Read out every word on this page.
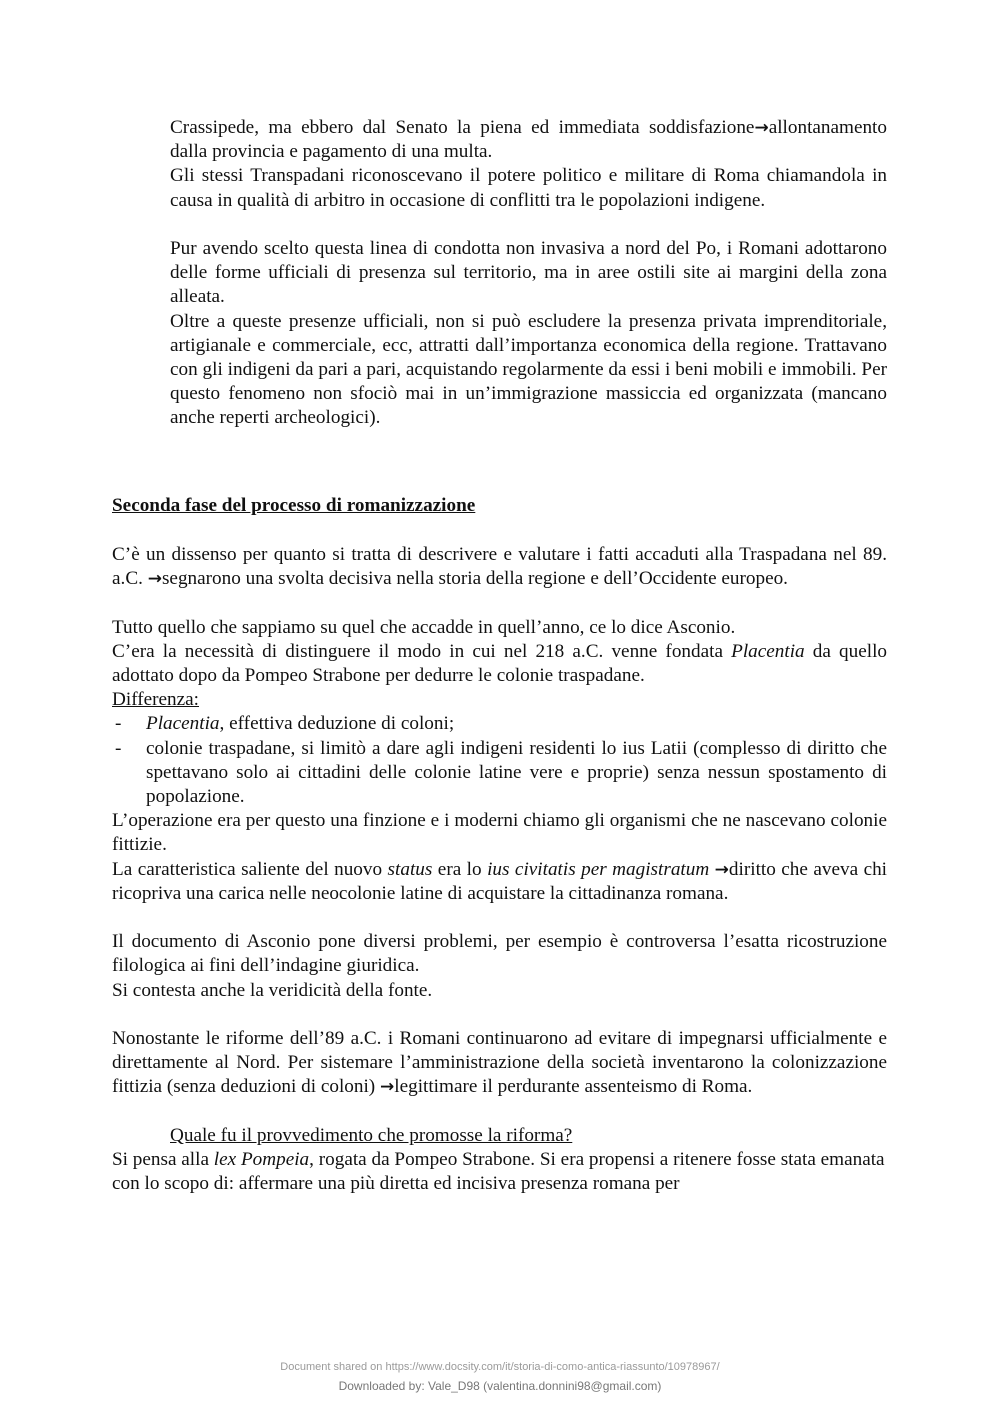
Crassipede, ma ebbero dal Senato la piena ed immediata soddisfazione→allontanamento dalla provincia e pagamento di una multa.

Gli stessi Transpadani riconoscevano il potere politico e militare di Roma chiamandola in causa in qualità di arbitro in occasione di conflitti tra le popolazioni indigene.

Pur avendo scelto questa linea di condotta non invasiva a nord del Po, i Romani adottarono delle forme ufficiali di presenza sul territorio, ma in aree ostili site ai margini della zona alleata.

Oltre a queste presenze ufficiali, non si può escludere la presenza privata imprenditoriale, artigianale e commerciale, ecc, attratti dall’importanza economica della regione. Trattavano con gli indigeni da pari a pari, acquistando regolarmente da essi i beni mobili e immobili. Per questo fenomeno non sfociò mai in un’immigrazione massiccia ed organizzata (mancano anche reperti archeologici).

Seconda fase del processo di romanizzazione

C’è un dissenso per quanto si tratta di descrivere e valutare i fatti accaduti alla Traspadana nel 89. a.C. →segnarono una svolta decisiva nella storia della regione e dell’Occidente europeo.

Tutto quello che sappiamo su quel che accadde in quell’anno, ce lo dice Asconio.

C’era la necessità di distinguere il modo in cui nel 218 a.C. venne fondata Placentia da quello adottato dopo da Pompeo Strabone per dedurre le colonie traspadane.

Differenza:

- Placentia, effettiva deduzione di coloni;
- colonie traspadane, si limitò a dare agli indigeni residenti lo ius Latii (complesso di diritto che spettavano solo ai cittadini delle colonie latine vere e proprie) senza nessun spostamento di popolazione.

L’operazione era per questo una finzione e i moderni chiamo gli organismi che ne nascevano colonie fittizie.

La caratteristica saliente del nuovo status era lo ius civitatis per magistratum →diritto che aveva chi ricopriva una carica nelle neocolonie latine di acquistare la cittadinanza romana.

Il documento di Asconio pone diversi problemi, per esempio è controversa l’esatta ricostruzione filologica ai fini dell’indagine giuridica.

Si contesta anche la veridicità della fonte.

Nonostante le riforme dell’89 a.C. i Romani continuarono ad evitare di impegnarsi ufficialmente e direttamente al Nord. Per sistemare l’amministrazione della società inventarono la colonizzazione fittizia (senza deduzioni di coloni) →legittimare il perdurante assenteismo di Roma.

Quale fu il provvedimento che promosse la riforma?

Si pensa alla lex Pompeia, rogata da Pompeo Strabone. Si era propensi a ritenere fosse stata emanata con lo scopo di: affermare una più diretta ed incisiva presenza romana per

Document shared on https://www.docsity.com/it/storia-di-como-antica-riassunto/10978967/
Downloaded by: Vale_D98 (valentina.donnini98@gmail.com)
